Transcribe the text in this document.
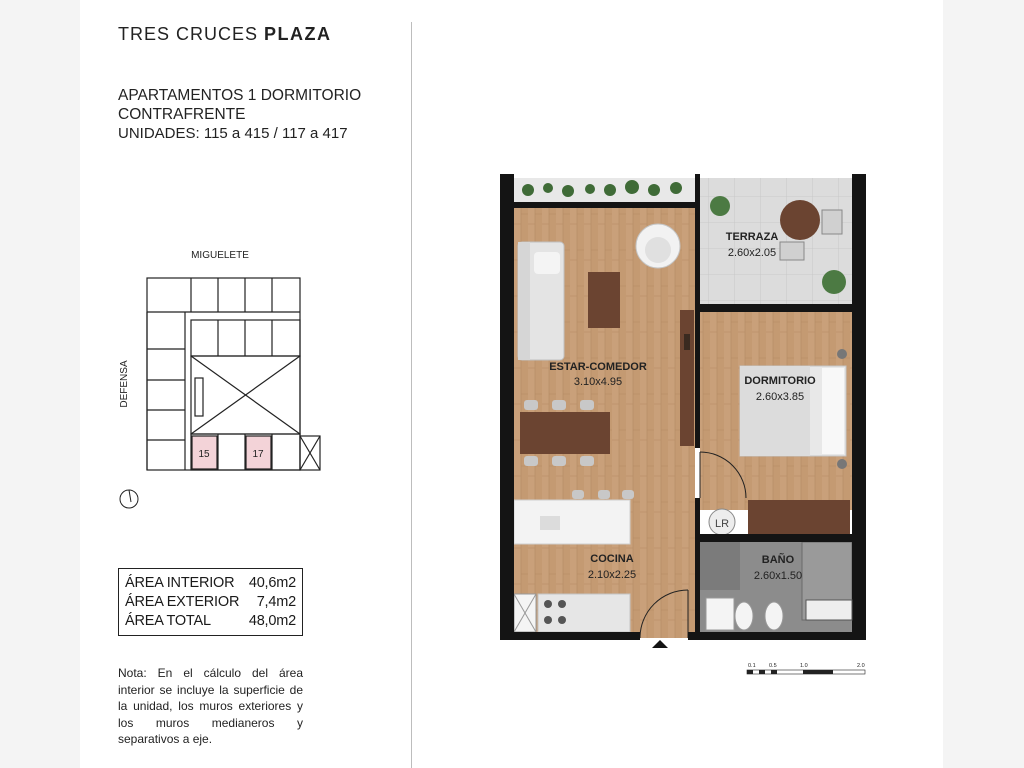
TRES CRUCES PLAZA
APARTAMENTOS 1 DORMITORIO
CONTRAFRENTE
UNIDADES: 115 a 415 / 117 a 417
MIGUELETE
DEFENSA
15	17
ÁREA INTERIOR 40,6m2
ÁREA EXTERIOR 7,4m2
ÁREA TOTAL	48,0m2
Nota: En el cálculo del área interior se incluye la superficie de la unidad, los muros exteriores y los muros medianeros y separativos a eje.
LR
ESTAR-COMEDOR
3.10x4.95
TERRAZA
2.60x2.05
DORMITORIO
2.60x3.85
COCINA
2.10x2.25
BAÑO
2.60x1.50
0.1 0.5	1.0	2.0
